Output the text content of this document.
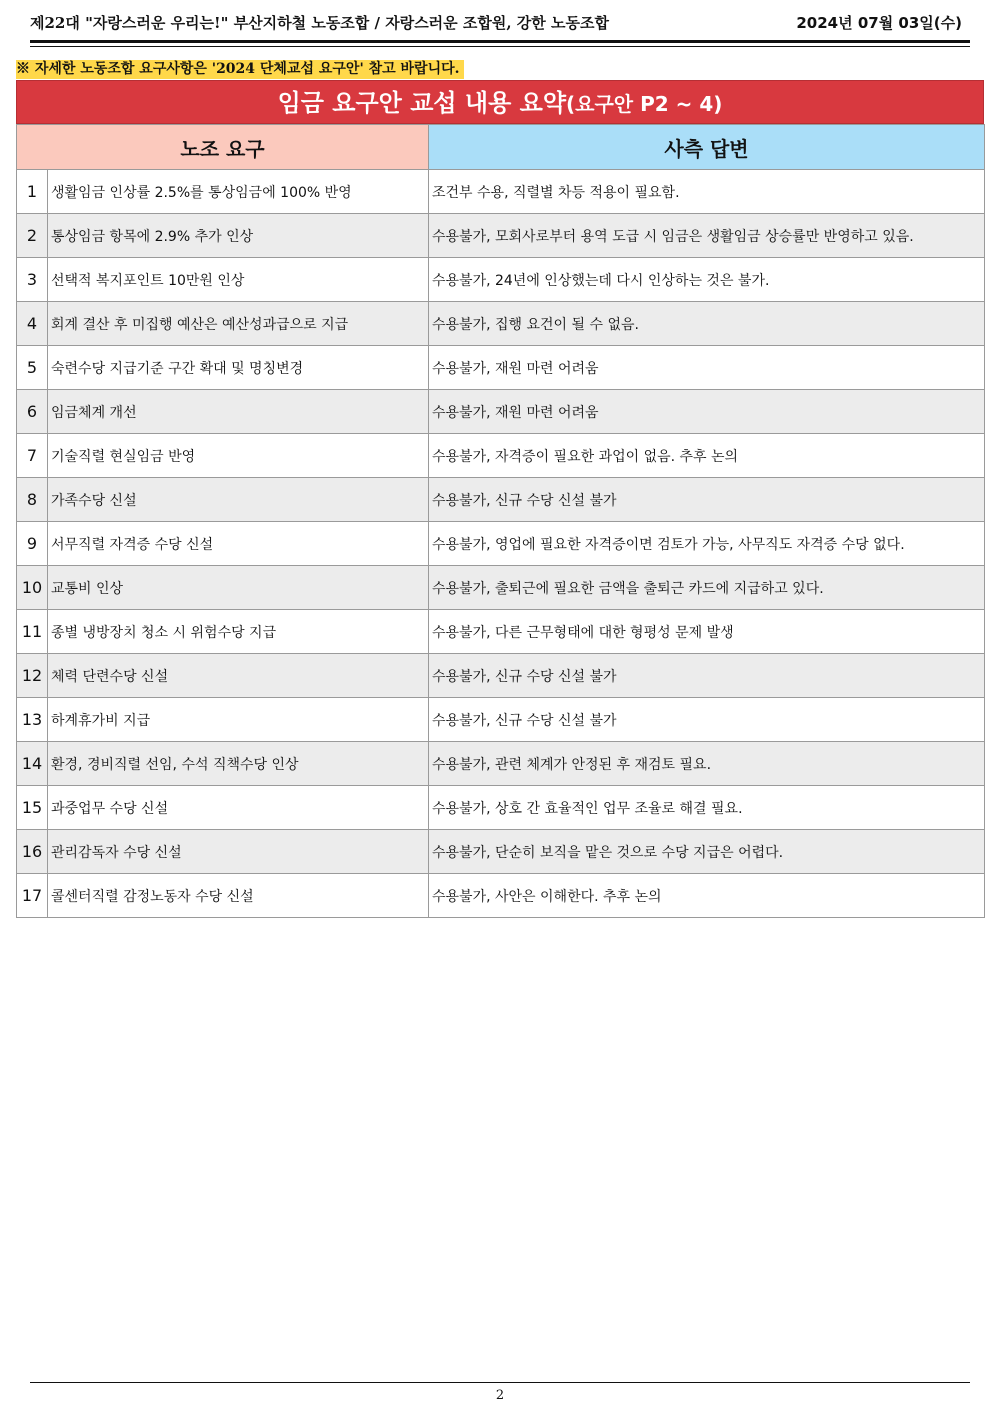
제22대 "자랑스러운 우리는!" 부산지하철 노동조합 / 자랑스러운 조합원, 강한 노동조합	2024년 07월 03일(수)
※ 자세한 노동조합 요구사항은 '2024 단체교섭 요구안' 참고 바랍니다.
임금 요구안 교섭 내용 요약(요구안 P2 ~ 4)
노조 요구		사측 답변
1	생활임금 인상률 2.5%를 통상임금에 100% 반영	조건부 수용, 직렬별 차등 적용이 필요함.
2	통상임금 항목에 2.9% 추가 인상	수용불가, 모회사로부터 용역 도급 시 임금은 생활임금 상승률만 반영하고 있음.
3	선택적 복지포인트 10만원 인상	수용불가, 24년에 인상했는데 다시 인상하는 것은 불가.
4	회계 결산 후 미집행 예산은 예산성과급으로 지급	수용불가, 집행 요건이 될 수 없음.
5	숙련수당 지급기준 구간 확대 및 명칭변경	수용불가, 재원 마련 어려움
6	임금체계 개선	수용불가, 재원 마련 어려움
7	기술직렬 현실임금 반영	수용불가, 자격증이 필요한 과업이 없음. 추후 논의
8	가족수당 신설	수용불가, 신규 수당 신설 불가
9	서무직렬 자격증 수당 신설	수용불가, 영업에 필요한 자격증이면 검토가 가능, 사무직도 자격증 수당 없다.
10	교통비 인상	수용불가, 출퇴근에 필요한 금액을 출퇴근 카드에 지급하고 있다.
11	종별 냉방장치 청소 시 위험수당 지급	수용불가, 다른 근무형태에 대한 형평성 문제 발생
12	체력 단련수당 신설	수용불가, 신규 수당 신설 불가
13	하계휴가비 지급	수용불가, 신규 수당 신설 불가
14	환경, 경비직렬 선임, 수석 직책수당 인상	수용불가, 관련 체계가 안정된 후 재검토 필요.
15	과중업무 수당 신설	수용불가, 상호 간 효율적인 업무 조율로 해결 필요.
16	관리감독자 수당 신설	수용불가, 단순히 보직을 맡은 것으로 수당 지급은 어렵다.
17	콜센터직렬 감정노동자 수당 신설	수용불가, 사안은 이해한다. 추후 논의
2
